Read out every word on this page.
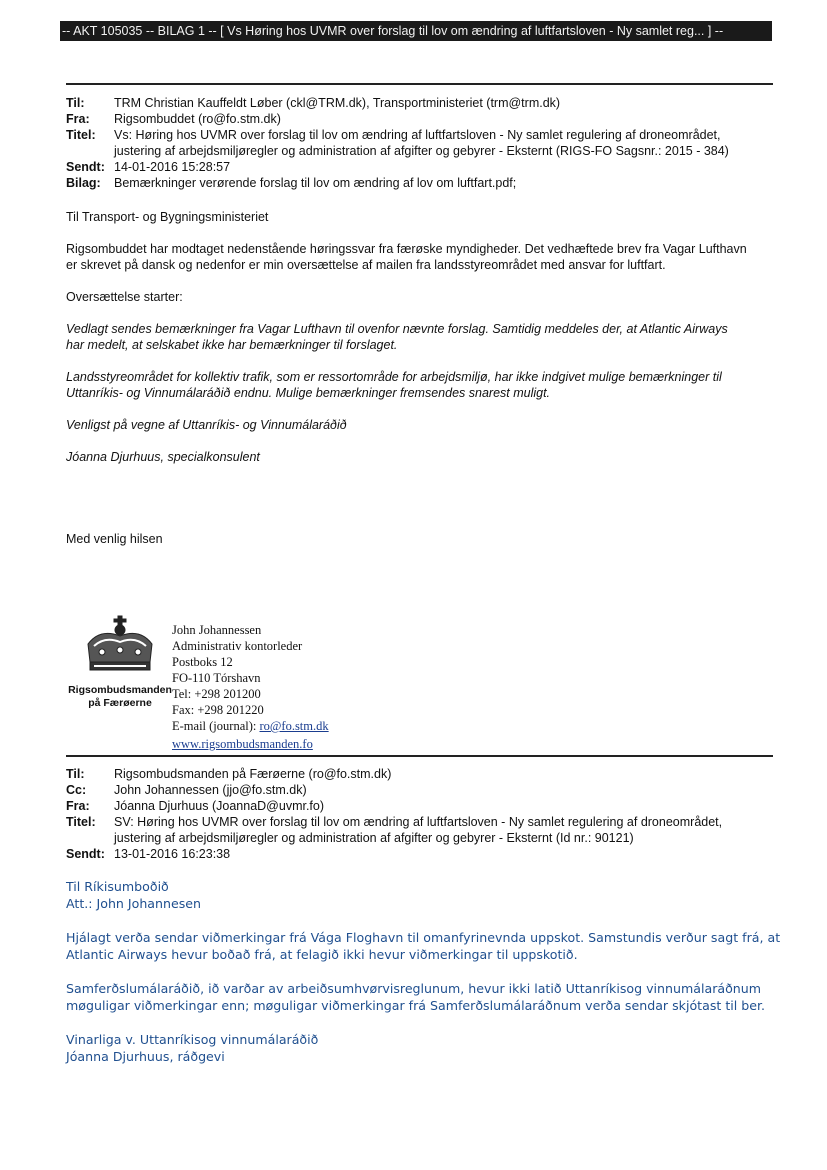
-- AKT 105035 -- BILAG 1 -- [ Vs Høring hos UVMR over forslag til lov om ændring af luftfartsloven - Ny samlet reg... ] --
Til:	TRM Christian Kauffeldt Løber (ckl@TRM.dk), Transportministeriet (trm@trm.dk)
Fra:	Rigsombuddet (ro@fo.stm.dk)
Titel:	Vs: Høring hos UVMR over forslag til lov om ændring af luftfartsloven - Ny samlet regulering af droneområdet,
justering af arbejdsmiljøregler og administration af afgifter og gebyrer - Eksternt (RIGS-FO Sagsnr.: 2015 - 384)
Sendt: 14-01-2016 15:28:57
Bilag:	Bemærkninger verørende forslag til lov om ændring af lov om luftfart.pdf;

Til Transport- og Bygningsministeriet

Rigsombuddet har modtaget nedenstående høringssvar fra færøske myndigheder. Det vedhæftede brev fra Vagar Lufthavn
er skrevet på dansk og nedenfor er min oversættelse af mailen fra landsstyreområdet med ansvar for luftfart.

Oversættelse starter:

Vedlagt sendes bemærkninger fra Vagar Lufthavn til ovenfor nævnte forslag. Samtidig meddeles der, at Atlantic Airways
har medelt, at selskabet ikke har bemærkninger til forslaget.

Landsstyreområdet for kollektiv trafik, som er ressortområde for arbejdsmiljø, har ikke indgivet mulige bemærkninger til
Uttanríkis- og Vinnumálaráðið endnu. Mulige bemærkninger fremsendes snarest muligt.

Venligst på vegne af Uttanríkis- og Vinnumálaráðið

Jóanna Djurhuus, specialkonsulent

Med venlig hilsen

Rigsombudsmanden
på Færøerne
John Johannessen
Administrativ kontorleder
Postboks 12
FO-110 Tórshavn
Tel: +298 201200
Fax: +298 201220
E-mail (journal): ro@fo.stm.dk
www.rigsombudsmanden.fo
Til:	Rigsombudsmanden på Færøerne (ro@fo.stm.dk)
Cc:	John Johannessen (jjo@fo.stm.dk)
Fra:	Jóanna Djurhuus (JoannaD@uvmr.fo)
Titel:	SV: Høring hos UVMR over forslag til lov om ændring af luftfartsloven - Ny samlet regulering af droneområdet,
justering af arbejdsmiljøregler og administration af afgifter og gebyrer - Eksternt (Id nr.: 90121)
Sendt: 13-01-2016 16:23:38

Til Ríkisumboðið

Att.: John Johannesen

Hjálagt verða sendar viðmerkingar frá Vága Floghavn til omanfyrinevnda uppskot. Samstundis verður sagt frá, at
Atlantic Airways hevur boðað frá, at felagið ikki hevur viðmerkingar til uppskotið.

Samferðslumálaráðið, ið varðar av arbeiðsumhvørvisreglunum, hevur ikki latið Uttanríkisog vinnumálaráðnum
møguligar viðmerkingar enn; møguligar viðmerkingar frá Samferðslumálaráðnum verða sendar skjótast til ber.

Vinarliga v. Uttanríkisog vinnumálaráðið
Jóanna Djurhuus, ráðgevi
